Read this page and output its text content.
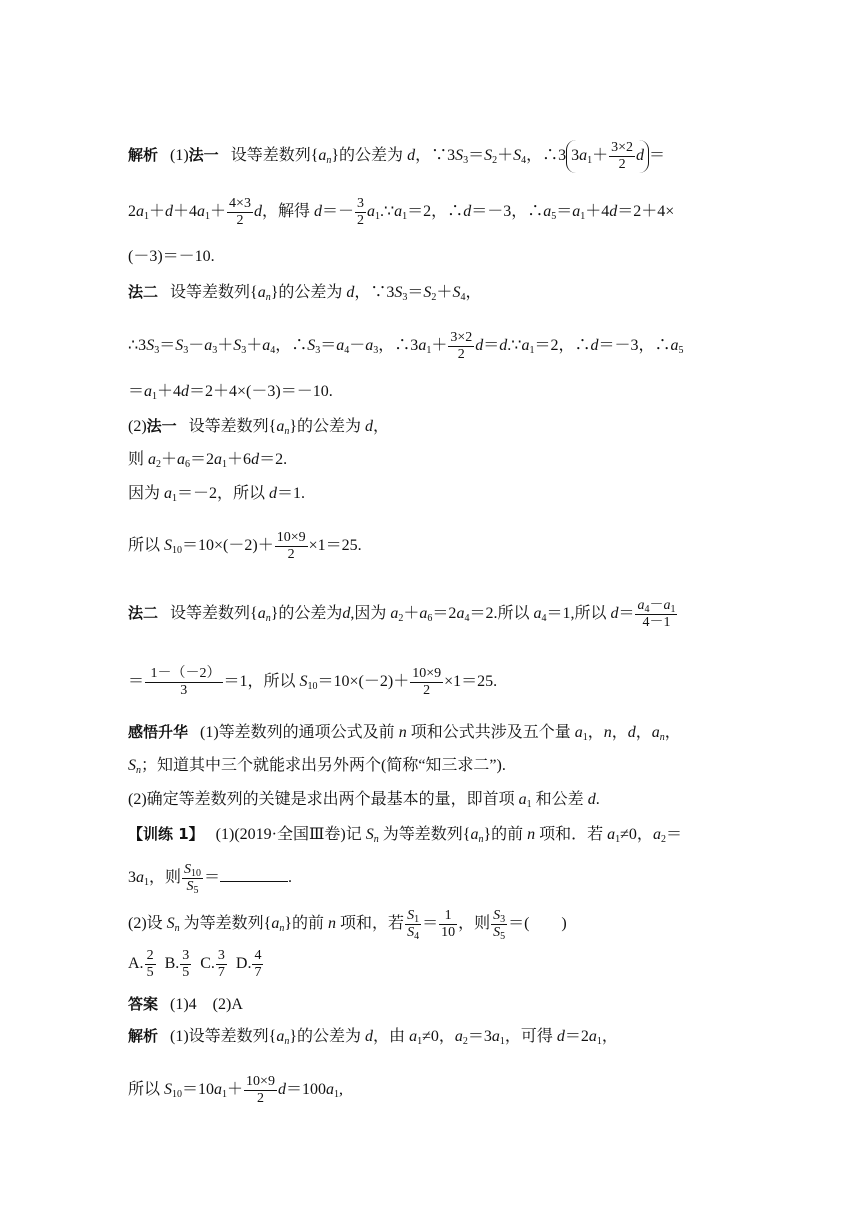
解析 (1)法一 设等差数列$\{a_n\}$的公差为 d，$\because 3S_3=S_2+S_4$，∴3 $3a_1+ \frac{3\times 2}{2}$ d ＝
$2a_1+d+4a_1+ \frac{4\times 3}{2}$ d，解得 $d=- \frac{3}{2}$ $a_1.\because a_1=2$，∴d＝－3，$\therefore a_5=a_1+4d=2+4\times$
(－3)＝－10.
法二 设等差数列$\{a_n\}$的公差为 d，$\because 3S_3=S_2+S_4$，
$\therefore 3S_3=S_3-a_3+S_3+a_4$，$\therefore S_3=a_4-a_3$，$\therefore 3a_1+ \frac{3\times 2}{2}$ $d=d.\because a_1=2$，∴d＝－3，$\therefore a_5$
$=a_1+4d=2+4\times(-3)=-10$.
(2)法一 设等差数列$\{a_n\}$的公差为 d，
则 $a_2+a_6=2a_1+6d=2$.
因为 $a_1=-2$，所以 d＝1.
所以 $S_{10}=10\times(-2)+ \frac{10\times 9}{2} \times 1=25$.
法二   设等差数列$\{a_n\}$的公差为d,因为 $a_2+a_6=2a_4=2$.所以 $a_4=1$,所以 $d= \frac{a_4-a_1}{4-1}$
＝ $\frac{1-(-2)}{3} =1$，所以 $S_{10}=10\times(-2)+ \frac{10\times 9}{2} \times 1=25$.
感悟升华 (1)等差数列的通项公式及前 n 项和公式共涉及五个量 $a_1$，n，d，$a_n$，
$S_n$；知道其中三个就能求出另外两个(简称“知三求二”).
(2)确定等差数列的关键是求出两个最基本的量，即首项 $a_1$ 和公差 d.
【训练 1】 (1)(2019·全国Ⅲ卷)记 $S_n$ 为等差数列$\{a_n\}$的前 n 项和．若 $a_1\ne 0$，$a_2=$
$3a_1$，则 $\frac{S_{10}}{S_5}$ ＝	.
(2)设 $S_n$ 为等差数列$\{a_n\}$的前 n 项和，若 $\frac{S_1}{S_4} = \frac{1}{10}$ ，则 $\frac{S_3}{S_5}$ ＝(　　)
A. $\frac{2}{5} B$. $\frac{3}{5} C$. $\frac{3}{7} D$. $\frac{4}{7}$
答案 (1)4　(2)A
解析 (1)设等差数列$\{a_n\}$的公差为 d，由 $a_1\ne 0$，$a_2=3a_1$，可得 $d=2a_1$，
所以 $S_{10}=10a_1+ \frac{10\times 9}{2} d=100a_1$,
